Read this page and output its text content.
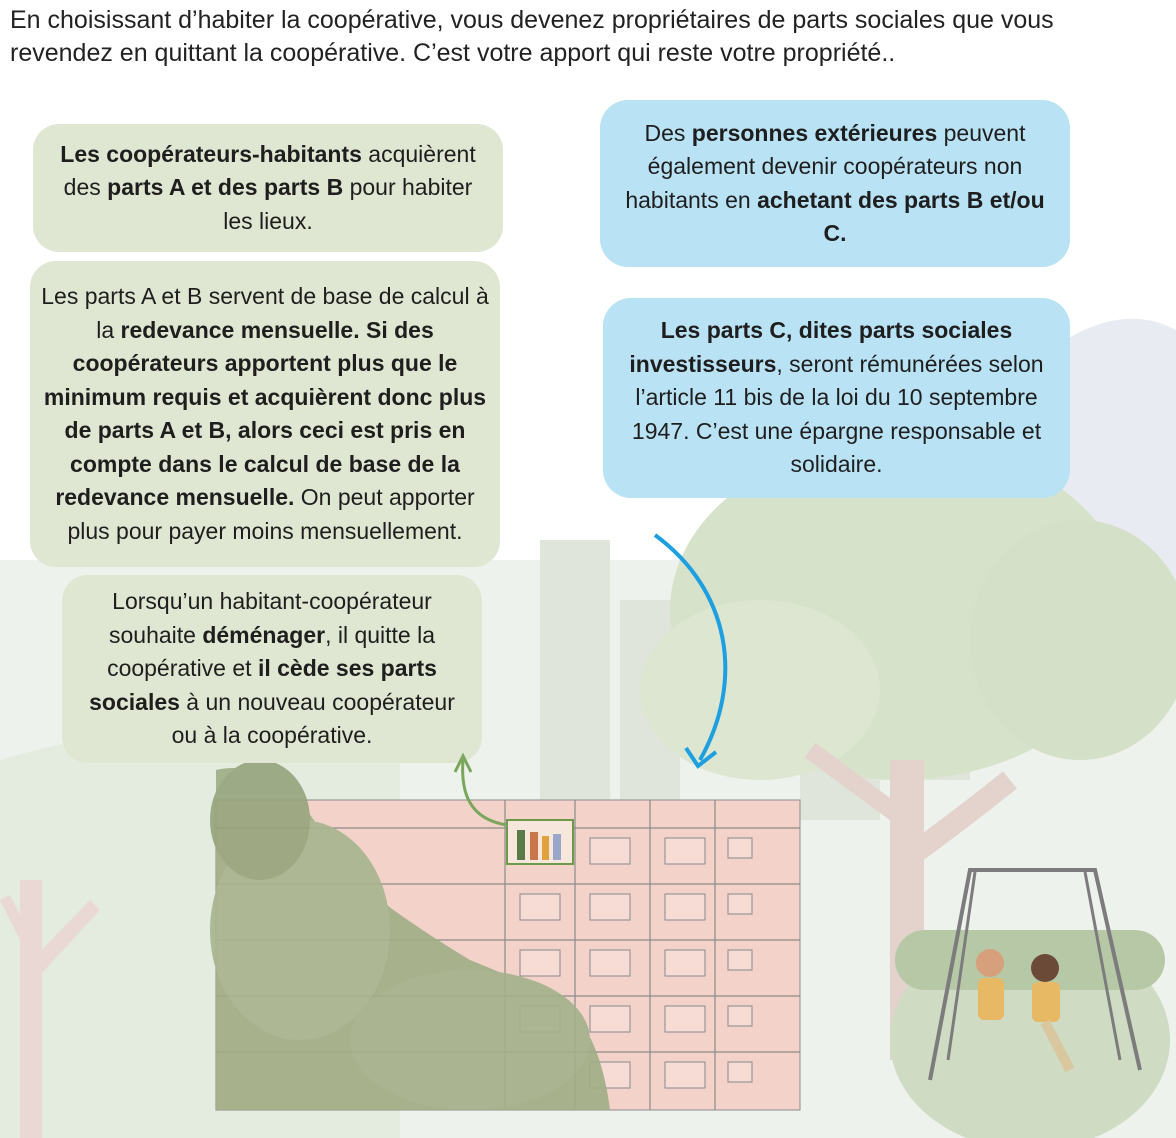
En choisissant d’habiter la coopérative, vous devenez propriétaires de parts sociales que vous revendez en quittant la coopérative. C’est votre apport qui reste votre propriété..

Les coopérateurs-habitants acquièrent des parts A et des parts B pour habiter les lieux.

Les parts A et B servent de base de calcul à la redevance mensuelle. Si des coopérateurs apportent plus que le minimum requis et acquièrent donc plus de parts A et B, alors ceci est pris en compte dans le calcul de base de la redevance mensuelle. On peut apporter plus pour payer moins mensuellement.

Lorsqu’un habitant-coopérateur souhaite déménager, il quitte la coopérative et il cède ses parts sociales à un nouveau coopérateur ou à la coopérative.

Des personnes extérieures peuvent également devenir coopérateurs non habitants en achetant des parts B et/ou C.

Les parts C, dites parts sociales investisseurs, seront rémunérées selon l’article 11 bis de la loi du 10 septembre 1947. C’est une épargne responsable et solidaire.
